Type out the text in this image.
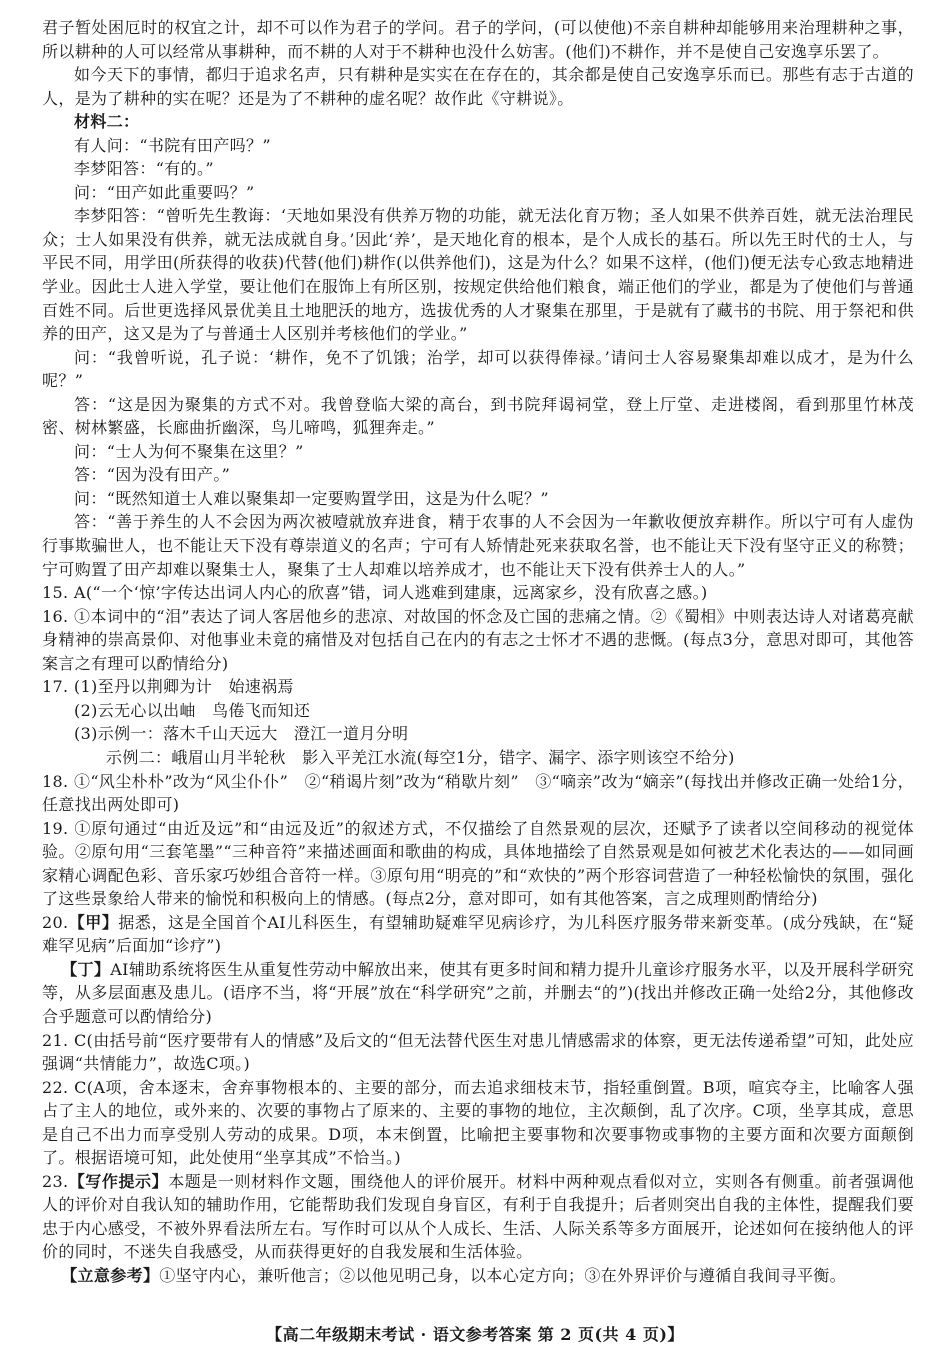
君子暂处困厄时的权宜之计，却不可以作为君子的学问。君子的学问，(可以使他)不亲自耕种却能够用来治理耕种之事，所以耕种的人可以经常从事耕种，而不耕的人对于不耕种也没什么妨害。(他们)不耕作，并不是使自己安逸享乐罢了。

如今天下的事情，都归于追求名声，只有耕种是实实在在存在的，其余都是使自己安逸享乐而已。那些有志于古道的人，是为了耕种的实在呢？还是为了不耕种的虚名呢？故作此《守耕说》。

材料二：

有人问：“书院有田产吗？”

李梦阳答：“有的。”

问：“田产如此重要吗？”

李梦阳答：“曾听先生教诲：‘天地如果没有供养万物的功能，就无法化育万物；圣人如果不供养百姓，就无法治理民众；士人如果没有供养，就无法成就自身。’因此‘养’，是天地化育的根本，是个人成长的基石。所以先王时代的士人，与平民不同，用学田(所获得的收获)代替(他们)耕作(以供养他们)，这是为什么？如果不这样，(他们)便无法专心致志地精进学业。因此士人进入学堂，要让他们在服饰上有所区别，按规定供给他们粮食，端正他们的学业，都是为了使他们与普通百姓不同。后世更选择风景优美且土地肥沃的地方，选拔优秀的人才聚集在那里，于是就有了藏书的书院、用于祭祀和供养的田产，这又是为了与普通士人区别并考核他们的学业。”

问：“我曾听说，孔子说：‘耕作，免不了饥饿；治学，却可以获得俸禄。’请问士人容易聚集却难以成才，是为什么呢？”

答：“这是因为聚集的方式不对。我曾登临大梁的高台，到书院拜谒祠堂，登上厅堂、走进楼阁，看到那里竹林茂密、树林繁盛，长廊曲折幽深，鸟儿啼鸣，狐狸奔走。”

问：“士人为何不聚集在这里？”

答：“因为没有田产。”

问：“既然知道士人难以聚集却一定要购置学田，这是为什么呢？”

答：“善于养生的人不会因为两次被噎就放弃进食，精于农事的人不会因为一年歉收便放弃耕作。所以宁可有人虚伪行事欺骗世人，也不能让天下没有尊崇道义的名声；宁可有人矫情赴死来获取名誉，也不能让天下没有坚守正义的称赞；宁可购置了田产却难以聚集士人，聚集了士人却难以培养成才，也不能让天下没有供养士人的人。”

15. A(“一个‘惊’字传达出词人内心的欣喜”错，词人逃难到建康，远离家乡，没有欣喜之感。)

16. ①本词中的“泪”表达了词人客居他乡的悲凉、对故国的怀念及亡国的悲痛之情。②《蜀相》中则表达诗人对诸葛亮献身精神的崇高景仰、对他事业未竟的痛惜及对包括自己在内的有志之士怀才不遇的悲慨。(每点3分，意思对即可，其他答案言之有理可以酌情给分)

17. (1)至丹以荆卿为计　始速祸焉

(2)云无心以出岫　鸟倦飞而知还

(3)示例一：落木千山天远大　澄江一道月分明

示例二：峨眉山月半轮秋　影入平羌江水流(每空1分，错字、漏字、添字则该空不给分)

18. ①“风尘朴朴”改为“风尘仆仆”　②“稍谒片刻”改为“稍歇片刻”　③“嘀亲”改为“嫡亲”(每找出并修改正确一处给1分，任意找出两处即可)

19. ①原句通过“由近及远”和“由远及近”的叙述方式，不仅描绘了自然景观的层次，还赋予了读者以空间移动的视觉体验。②原句用“三套笔墨”“三种音符”来描述画面和歌曲的构成，具体地描绘了自然景观是如何被艺术化表达的——如同画家精心调配色彩、音乐家巧妙组合音符一样。③原句用“明亮的”和“欢快的”两个形容词营造了一种轻松愉快的氛围，强化了这些景象给人带来的愉悦和积极向上的情感。(每点2分，意对即可，如有其他答案，言之成理则酌情给分)

20.【甲】据悉，这是全国首个AI儿科医生，有望辅助疑难罕见病诊疗，为儿科医疗服务带来新变革。(成分残缺，在“疑难罕见病”后面加“诊疗”)

【丁】AI辅助系统将医生从重复性劳动中解放出来，使其有更多时间和精力提升儿童诊疗服务水平，以及开展科学研究等，从多层面惠及患儿。(语序不当，将“开展”放在“科学研究”之前，并删去“的”)(找出并修改正确一处给2分，其他修改合乎题意可以酌情给分)

21. C(由括号前“医疗要带有人的情感”及后文的“但无法替代医生对患儿情感需求的体察，更无法传递希望”可知，此处应强调“共情能力”，故选C项。)

22. C(A项，舍本逐末，舍弃事物根本的、主要的部分，而去追求细枝末节，指轻重倒置。B项，喧宾夺主，比喻客人强占了主人的地位，或外来的、次要的事物占了原来的、主要的事物的地位，主次颠倒，乱了次序。C项，坐享其成，意思是自己不出力而享受别人劳动的成果。D项，本末倒置，比喻把主要事物和次要事物或事物的主要方面和次要方面颠倒了。根据语境可知，此处使用“坐享其成”不恰当。)

23.【写作提示】本题是一则材料作文题，围绕他人的评价展开。材料中两种观点看似对立，实则各有侧重。前者强调他人的评价对自我认知的辅助作用，它能帮助我们发现自身盲区，有利于自我提升；后者则突出自我的主体性，提醒我们要忠于内心感受，不被外界看法所左右。写作时可以从个人成长、生活、人际关系等多方面展开，论述如何在接纳他人的评价的同时，不迷失自我感受，从而获得更好的自我发展和生活体验。

【立意参考】①坚守内心，兼听他言；②以他见明己身，以本心定方向；③在外界评价与遵循自我间寻平衡。

【高二年级期末考试 · 语文参考答案 第 2 页(共 4 页)】
